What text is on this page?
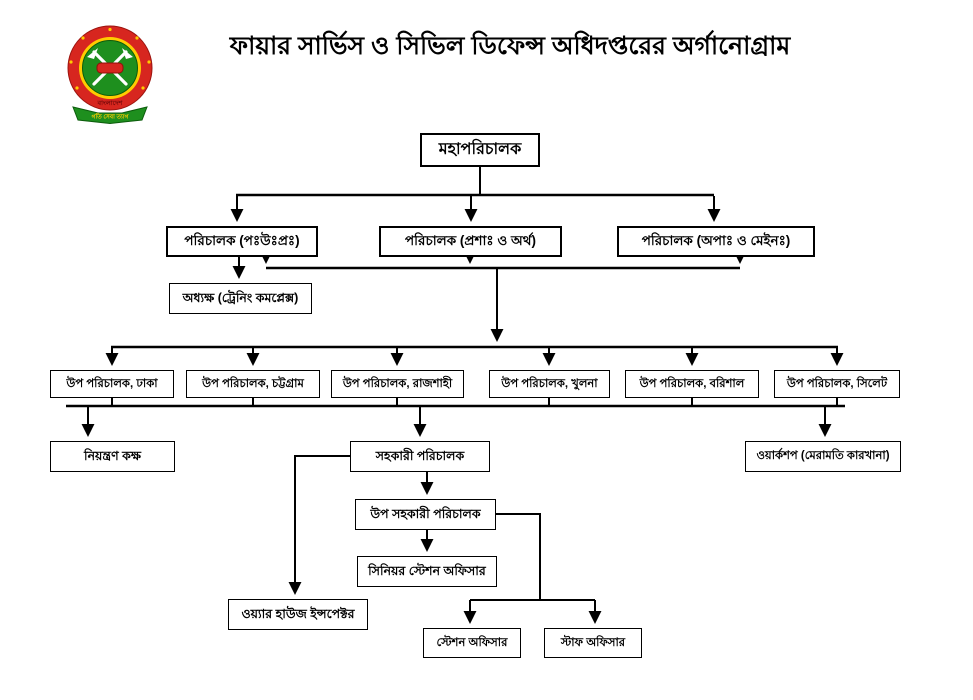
বাংলাদেশ
গতি সেবা ত্যাগ
ফায়ার সার্ভিস ও সিভিল ডিফেন্স অধিদপ্তরের অর্গানোগ্রাম
মহাপরিচালক
পরিচালক (পঃউঃপ্রঃ)	পরিচালক (প্রশাঃ ও অর্থ)	পরিচালক (অপাঃ ও মেইনঃ)
অধ্যক্ষ (ট্রেনিং কমপ্লেক্স)
উপ পরিচালক, ঢাকা	উপ পরিচালক, চট্টগ্রাম	উপ পরিচালক, রাজশাহী	উপ পরিচালক, খুলনা	উপ পরিচালক, বরিশাল	উপ পরিচালক, সিলেট
নিয়ন্ত্রণ কক্ষ	সহকারী পরিচালক	ওয়ার্কশপ (মেরামতি কারখানা)
উপ সহকারী পরিচালক
সিনিয়র স্টেশন অফিসার
ওয়্যার হাউজ ইন্সপেক্টর
স্টেশন অফিসার	স্টাফ অফিসার
